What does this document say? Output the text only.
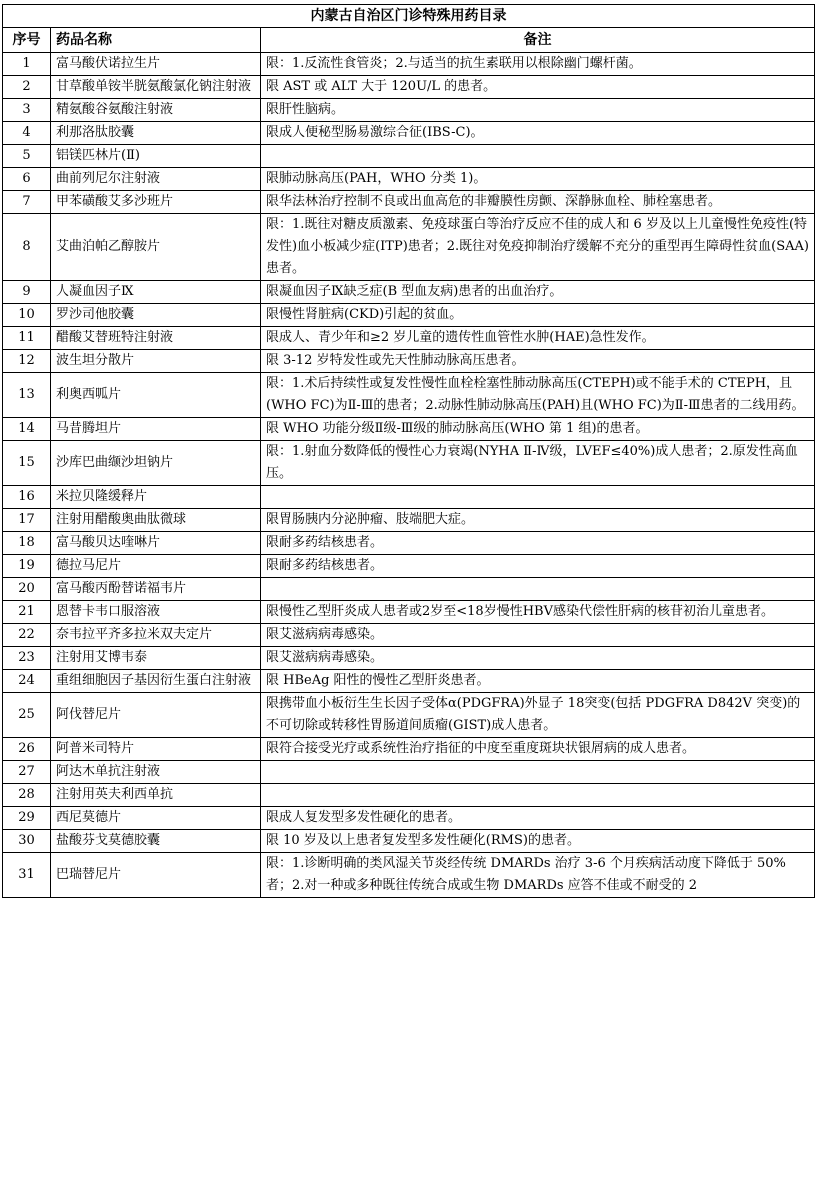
内蒙古自治区门诊特殊用药目录		
序号	药品名称	备注
1	富马酸伏诺拉生片	限：1.反流性食管炎；2.与适当的抗生素联用以根除幽门螺杆菌。
2	甘草酸单铵半胱氨酸氯化钠注射液	限 AST 或 ALT 大于 120U/L 的患者。
3	精氨酸谷氨酸注射液	限肝性脑病。
4	利那洛肽胶囊	限成人便秘型肠易激综合征(IBS-C)。
5	铝镁匹林片(Ⅱ)	
6	曲前列尼尔注射液	限肺动脉高压(PAH，WHO 分类 1)。
7	甲苯磺酸艾多沙班片	限华法林治疗控制不良或出血高危的非瓣膜性房颤、深静脉血栓、肺栓塞患者。
8	艾曲泊帕乙醇胺片	限：1.既往对糖皮质激素、免疫球蛋白等治疗反应不佳的成人和 6 岁及以上儿童慢性免疫性(特发性)血小板减少症(ITP)患者；2.既往对免疫抑制治疗缓解不充分的重型再生障碍性贫血(SAA)患者。
9	人凝血因子Ⅸ	限凝血因子Ⅸ缺乏症(B 型血友病)患者的出血治疗。
10	罗沙司他胶囊	限慢性肾脏病(CKD)引起的贫血。
11	醋酸艾替班特注射液	限成人、青少年和≥2 岁儿童的遗传性血管性水肿(HAE)急性发作。
12	波生坦分散片	限 3-12 岁特发性或先天性肺动脉高压患者。
13	利奥西呱片	限：1.术后持续性或复发性慢性血栓栓塞性肺动脉高压(CTEPH)或不能手术的 CTEPH，且(WHO FC)为Ⅱ-Ⅲ的患者；2.动脉性肺动脉高压(PAH)且(WHO FC)为Ⅱ-Ⅲ患者的二线用药。
14	马昔腾坦片	限 WHO 功能分级Ⅱ级-Ⅲ级的肺动脉高压(WHO 第 1 组)的患者。
15	沙库巴曲缬沙坦钠片	限：1.射血分数降低的慢性心力衰竭(NYHA Ⅱ-Ⅳ级，LVEF≤40%)成人患者；2.原发性高血压。
16	米拉贝隆缓释片	
17	注射用醋酸奥曲肽微球	限胃肠胰内分泌肿瘤、肢端肥大症。
18	富马酸贝达喹啉片	限耐多药结核患者。
19	德拉马尼片	限耐多药结核患者。
20	富马酸丙酚替诺福韦片	
21	恩替卡韦口服溶液	限慢性乙型肝炎成人患者或2岁至<18岁慢性HBV感染代偿性肝病的核苷初治儿童患者。
22	奈韦拉平齐多拉米双夫定片	限艾滋病病毒感染。
23	注射用艾博韦泰	限艾滋病病毒感染。
24	重组细胞因子基因衍生蛋白注射液	限 HBeAg 阳性的慢性乙型肝炎患者。
25	阿伐替尼片	限携带血小板衍生生长因子受体α(PDGFRA)外显子 18突变(包括 PDGFRA D842V 突变)的不可切除或转移性胃肠道间质瘤(GIST)成人患者。
26	阿普米司特片	限符合接受光疗或系统性治疗指征的中度至重度斑块状银屑病的成人患者。
27	阿达木单抗注射液	
28	注射用英夫利西单抗	
29	西尼莫德片	限成人复发型多发性硬化的患者。
30	盐酸芬戈莫德胶囊	限 10 岁及以上患者复发型多发性硬化(RMS)的患者。
31	巴瑞替尼片	限：1.诊断明确的类风湿关节炎经传统 DMARDs 治疗 3-6 个月疾病活动度下降低于 50%者；2.对一种或多种既往传统合成或生物 DMARDs 应答不佳或不耐受的 2
